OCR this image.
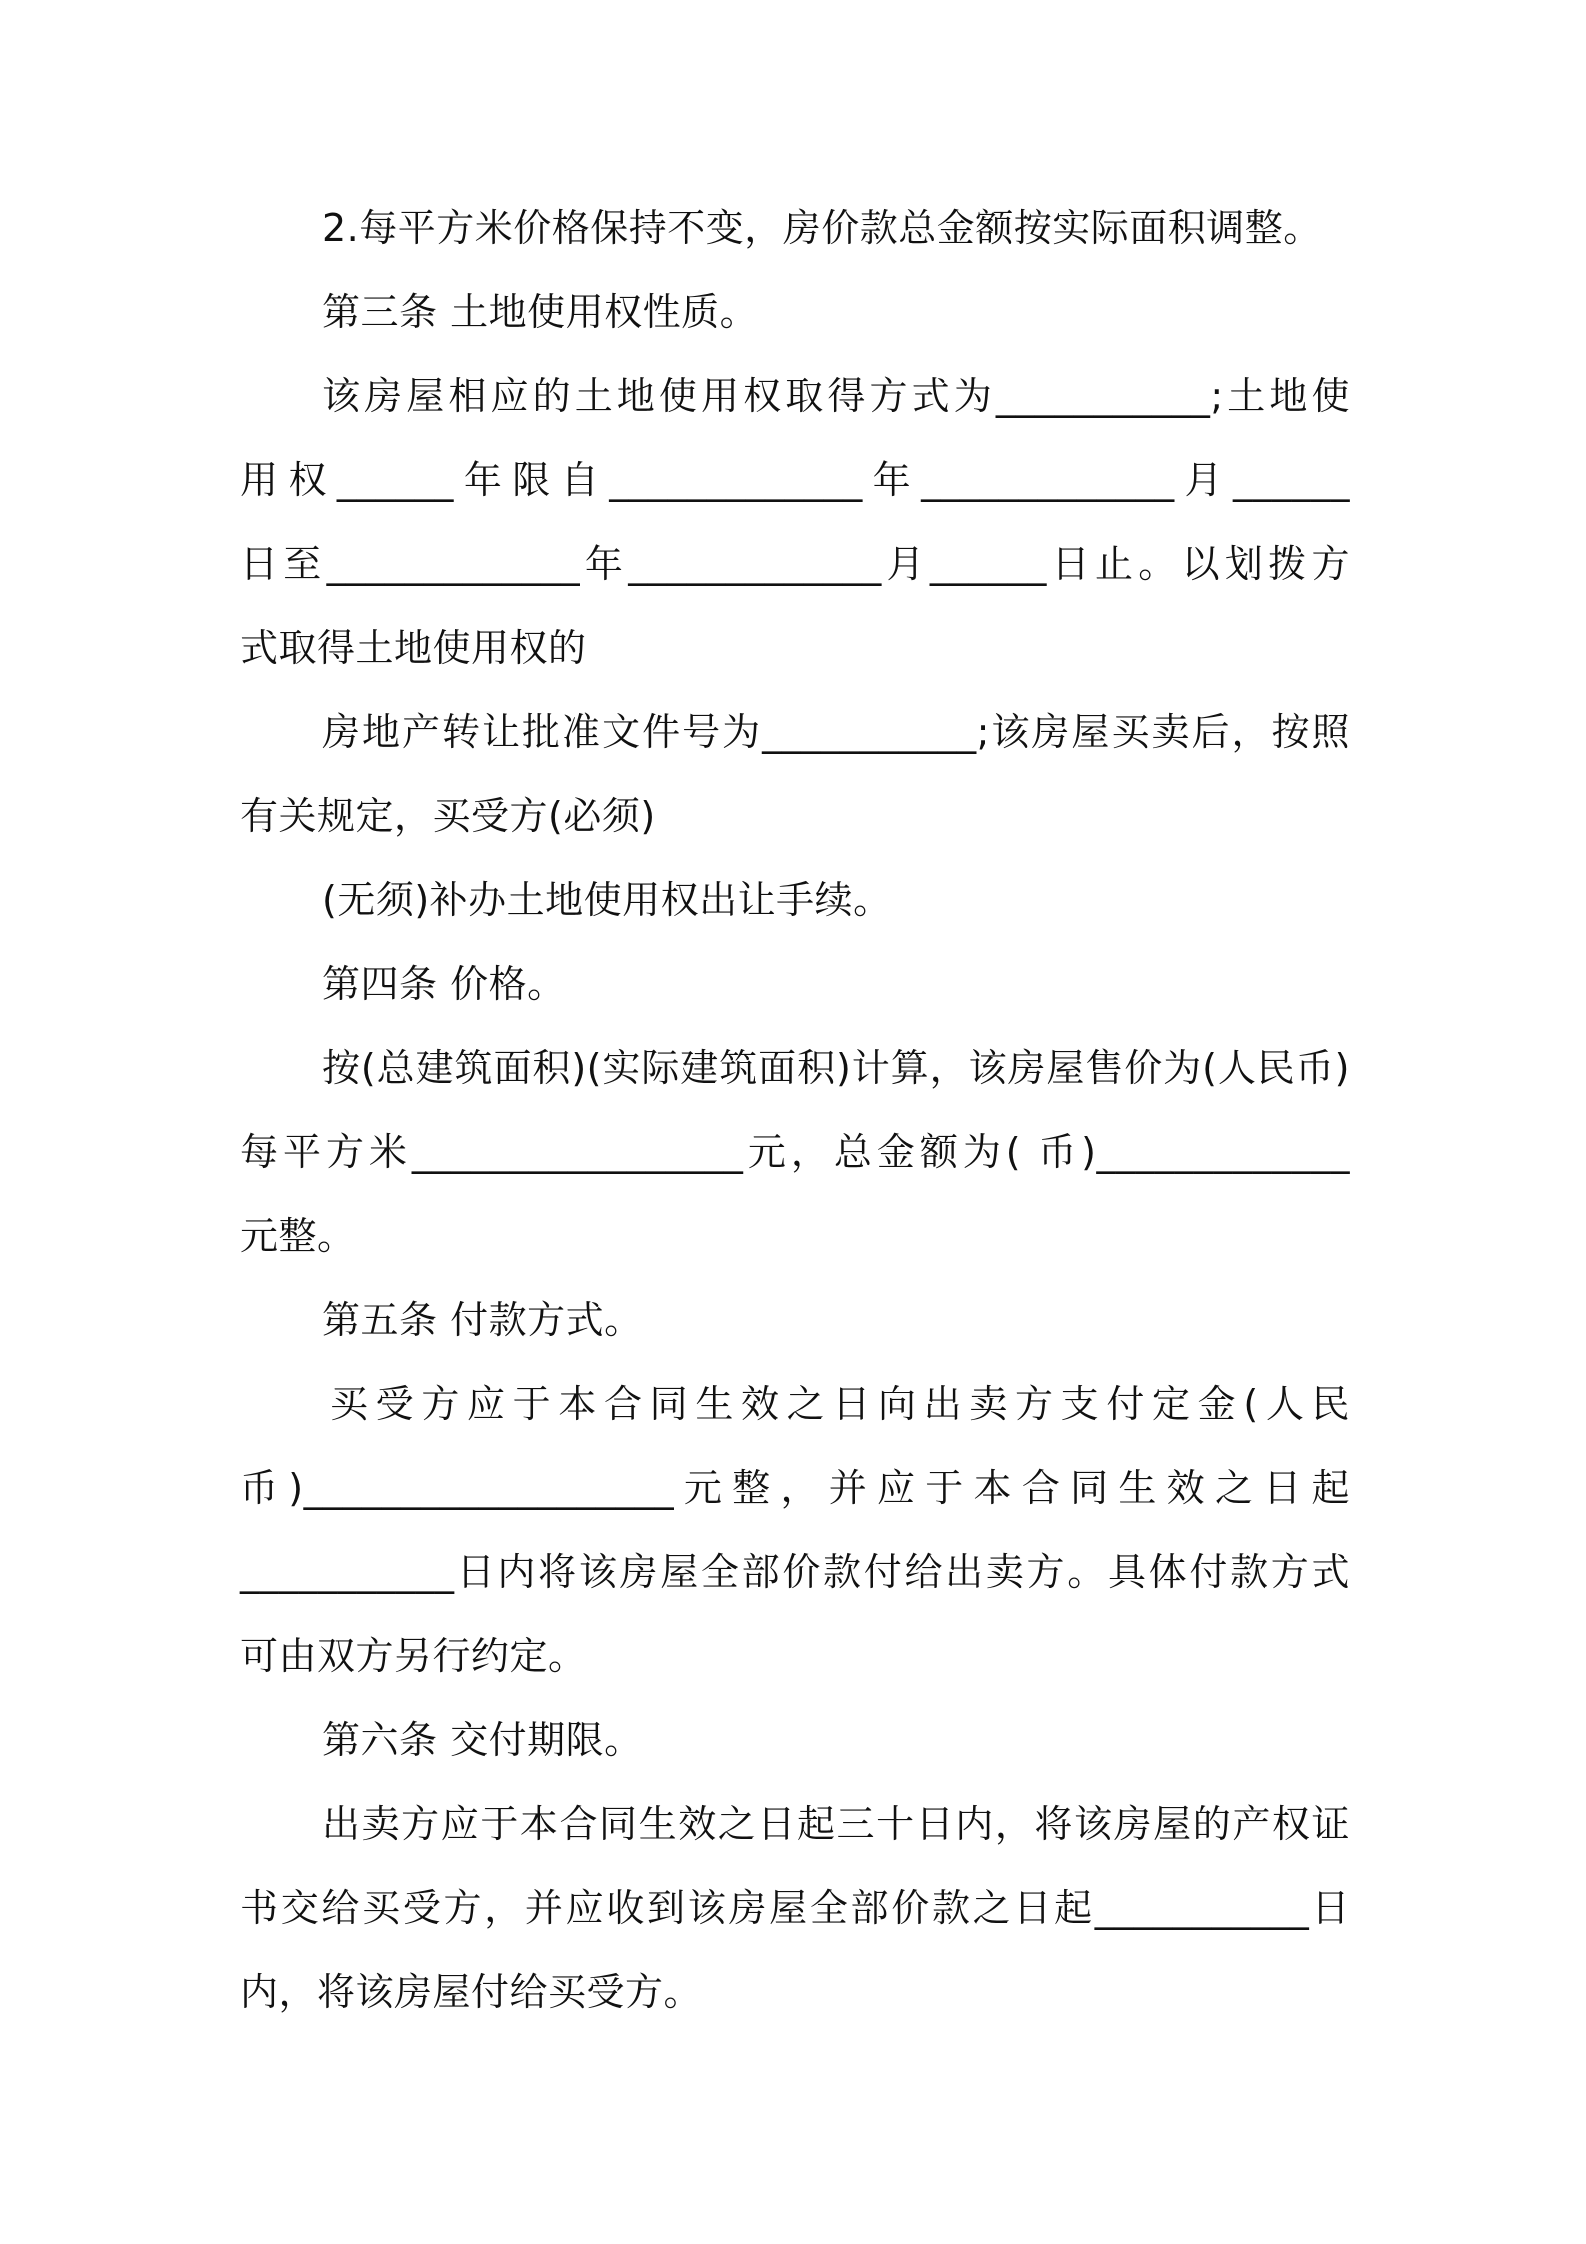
2.每平方米价格保持不变，房价款总金额按实际面积调整。
第三条 土地使用权性质。
该房屋相应的土地使用权取得方式为___________;土地使
用权______年限自_____________年_____________月______
日至_____________年_____________月______日止。以划拨方
式取得土地使用权的
房地产转让批准文件号为___________;该房屋买卖后，按照
有关规定，买受方(必须)
(无须)补办土地使用权出让手续。
第四条 价格。
按(总建筑面积)(实际建筑面积)计算，该房屋售价为(人民币)
每平方米_________________元，总金额为( 币)_____________
元整。
第五条 付款方式。
买受方应于本合同生效之日向出卖方支付定金(人民
币)___________________元整，并应于本合同生效之日起
___________日内将该房屋全部价款付给出卖方。具体付款方式
可由双方另行约定。
第六条 交付期限。
出卖方应于本合同生效之日起三十日内，将该房屋的产权证
书交给买受方，并应收到该房屋全部价款之日起___________日
内，将该房屋付给买受方。
